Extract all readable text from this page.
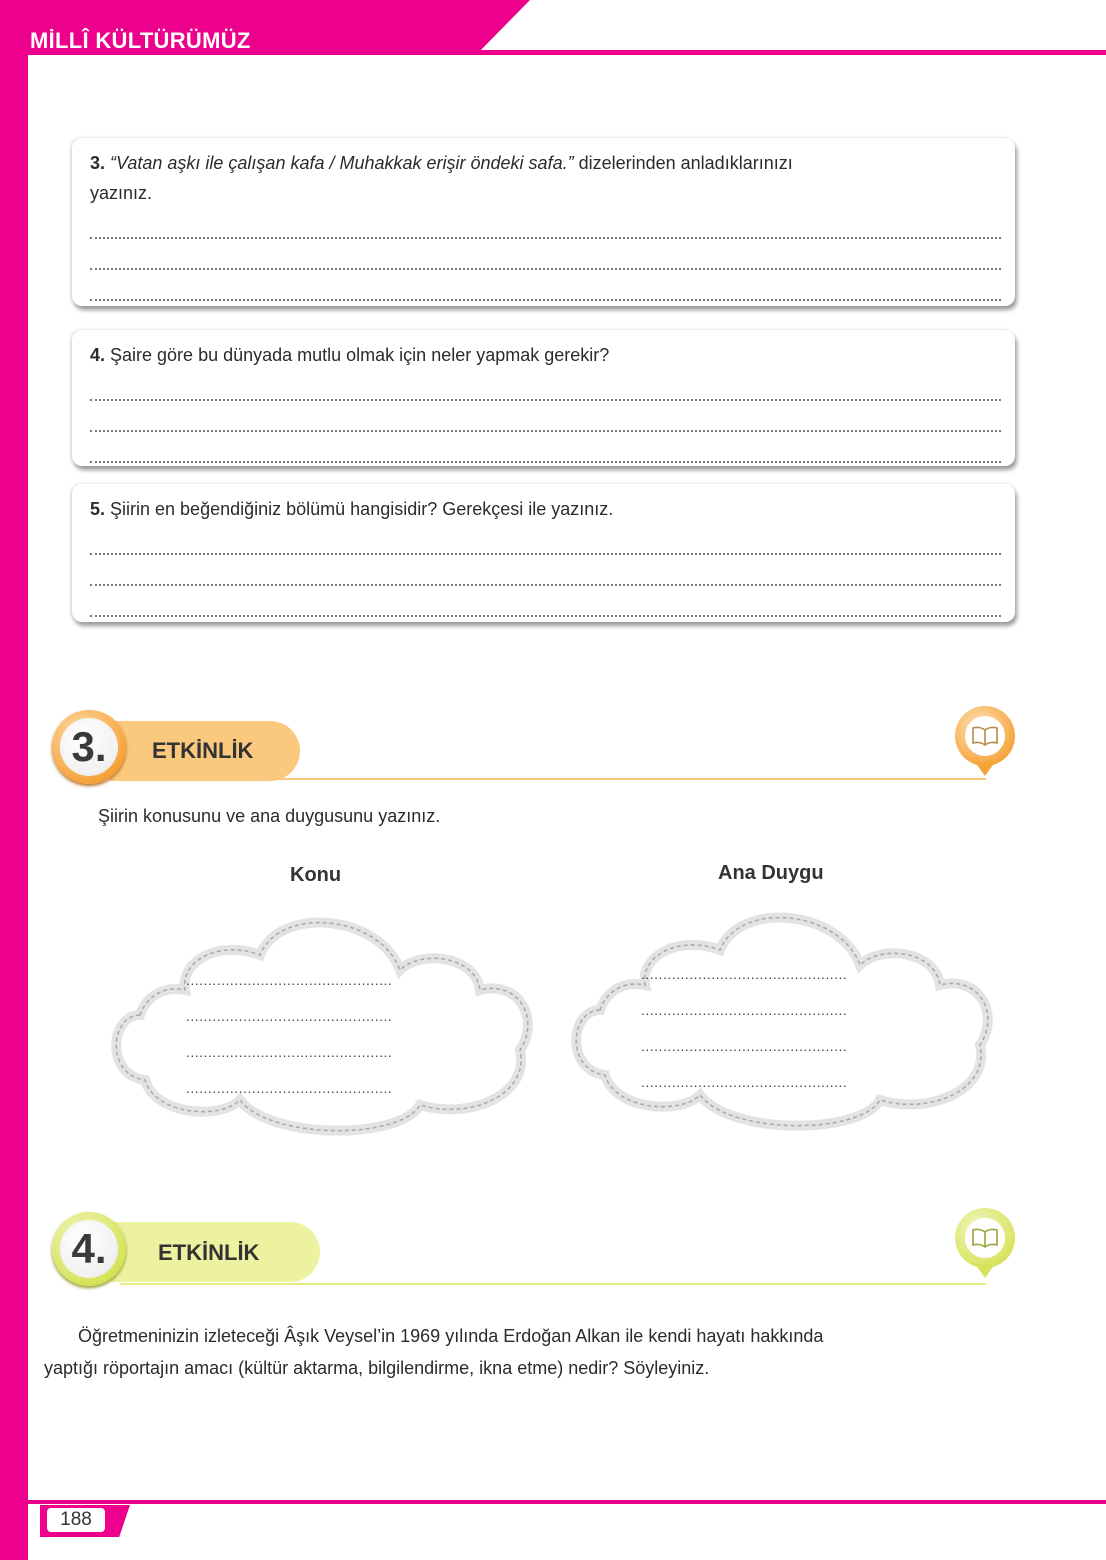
MİLLÎ KÜLTÜRÜMÜZ
3. “Vatan aşkı ile çalışan kafa / Muhakkak erişir öndeki safa.” dizelerinden anladıklarınızı
yazınız.
4. Şaire göre bu dünyada mutlu olmak için neler yapmak gerekir?
5. Şiirin en beğendiğiniz bölümü hangisidir? Gerekçesi ile yazınız.
ETKİNLİK
3.
Şiirin konusunu ve ana duygusunu yazınız.
Konu	Ana Duygu
...............................................
...............................................
...............................................
...............................................
...............................................
...............................................
...............................................
...............................................
ETKİNLİK
4.
Öğretmeninizin izleteceği Âşık Veysel’in 1969 yılında Erdoğan Alkan ile kendi hayatı hakkında
yaptığı röportajın amacı (kültür aktarma, bilgilendirme, ikna etme) nedir? Söyleyiniz.
188
